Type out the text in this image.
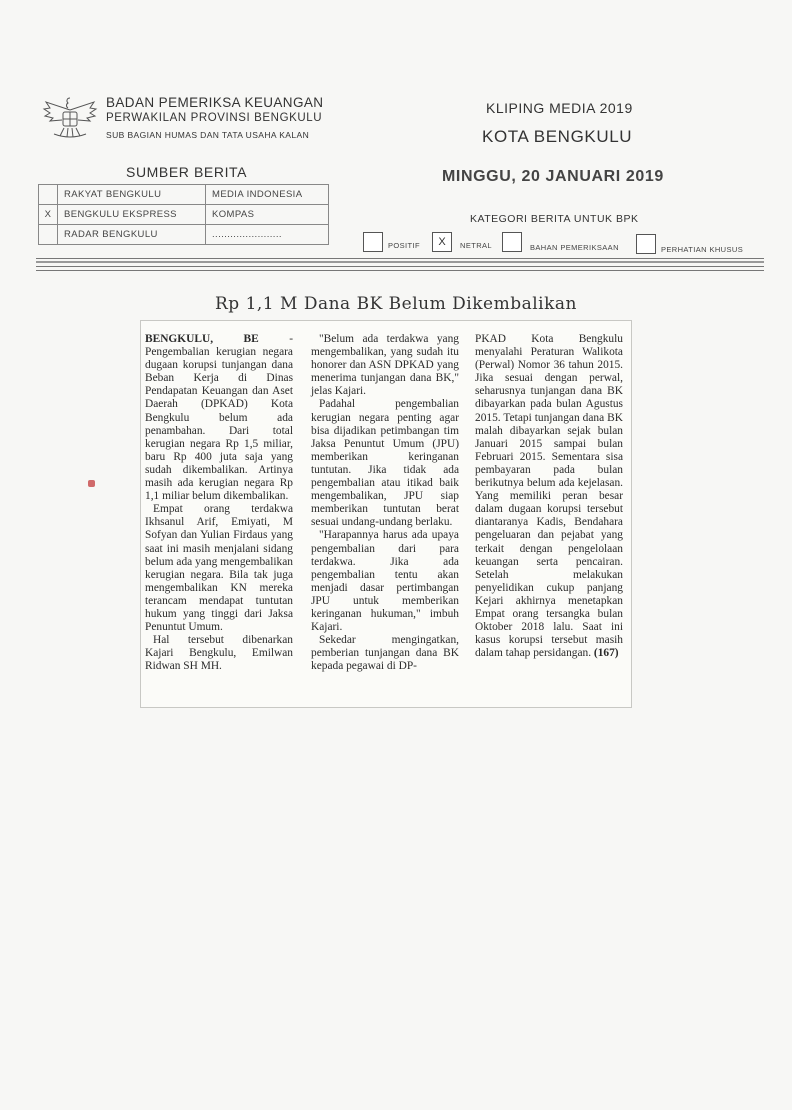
BADAN PEMERIKSA KEUANGAN
PERWAKILAN PROVINSI BENGKULU
SUB BAGIAN HUMAS DAN TATA USAHA KALAN
KLIPING MEDIA 2019
KOTA BENGKULU
MINGGU, 20 JANUARI 2019
SUMBER BERITA
	RAKYAT BENGKULU	MEDIA INDONESIA
X	BENGKULU EKSPRESS	KOMPAS
	RADAR BENGKULU	.......................
KATEGORI BERITA UNTUK BPK
POSITIF	X	NETRAL	BAHAN PEMERIKSAAN	PERHATIAN KHUSUS
Rp 1,1 M Dana BK Belum Dikembalikan

BENGKULU, BE - Pengembalian kerugian negara dugaan korupsi tunjangan dana Beban Kerja di Dinas Pendapatan Keuangan dan Aset Daerah (DPKAD) Kota Bengkulu belum ada penambahan. Dari total kerugian negara Rp 1,5 miliar, baru Rp 400 juta saja yang sudah dikembalikan. Artinya masih ada kerugian negara Rp 1,1 miliar belum dikembalikan.

Empat orang terdakwa Ikhsanul Arif, Emiyati, M Sofyan dan Yulian Firdaus yang saat ini masih menjalani sidang belum ada yang mengembalikan kerugian negara. Bila tak juga mengembalikan KN mereka terancam mendapat tuntutan hukum yang tinggi dari Jaksa Penuntut Umum.

Hal tersebut dibenarkan Kajari Bengkulu, Emilwan Ridwan SH MH.

"Belum ada terdakwa yang mengembalikan, yang sudah itu honorer dan ASN DPKAD yang menerima tunjangan dana BK," jelas Kajari.

Padahal pengembalian kerugian negara penting agar bisa dijadikan petimbangan tim Jaksa Penuntut Umum (JPU) memberikan keringanan tuntutan. Jika tidak ada pengembalian atau itikad baik mengembalikan, JPU siap memberikan tuntutan berat sesuai undang-undang berlaku.

"Harapannya harus ada upaya pengembalian dari para terdakwa. Jika ada pengembalian tentu akan menjadi dasar pertimbangan JPU untuk memberikan keringanan hukuman," imbuh Kajari.

Sekedar mengingatkan, pemberian tunjangan dana BK kepada pegawai di DP-

PKAD Kota Bengkulu menyalahi Peraturan Walikota (Perwal) Nomor 36 tahun 2015. Jika sesuai dengan perwal, seharusnya tunjangan dana BK dibayarkan pada bulan Agustus 2015. Tetapi tunjangan dana BK malah dibayarkan sejak bulan Januari 2015 sampai bulan Februari 2015. Sementara sisa pembayaran pada bulan berikutnya belum ada kejelasan. Yang memiliki peran besar dalam dugaan korupsi tersebut diantaranya Kadis, Bendahara pengeluaran dan pejabat yang terkait dengan pengelolaan keuangan serta pencairan. Setelah melakukan penyelidikan cukup panjang Kejari akhirnya menetapkan Empat orang tersangka bulan Oktober 2018 lalu. Saat ini kasus korupsi tersebut masih dalam tahap persidangan. (167)
